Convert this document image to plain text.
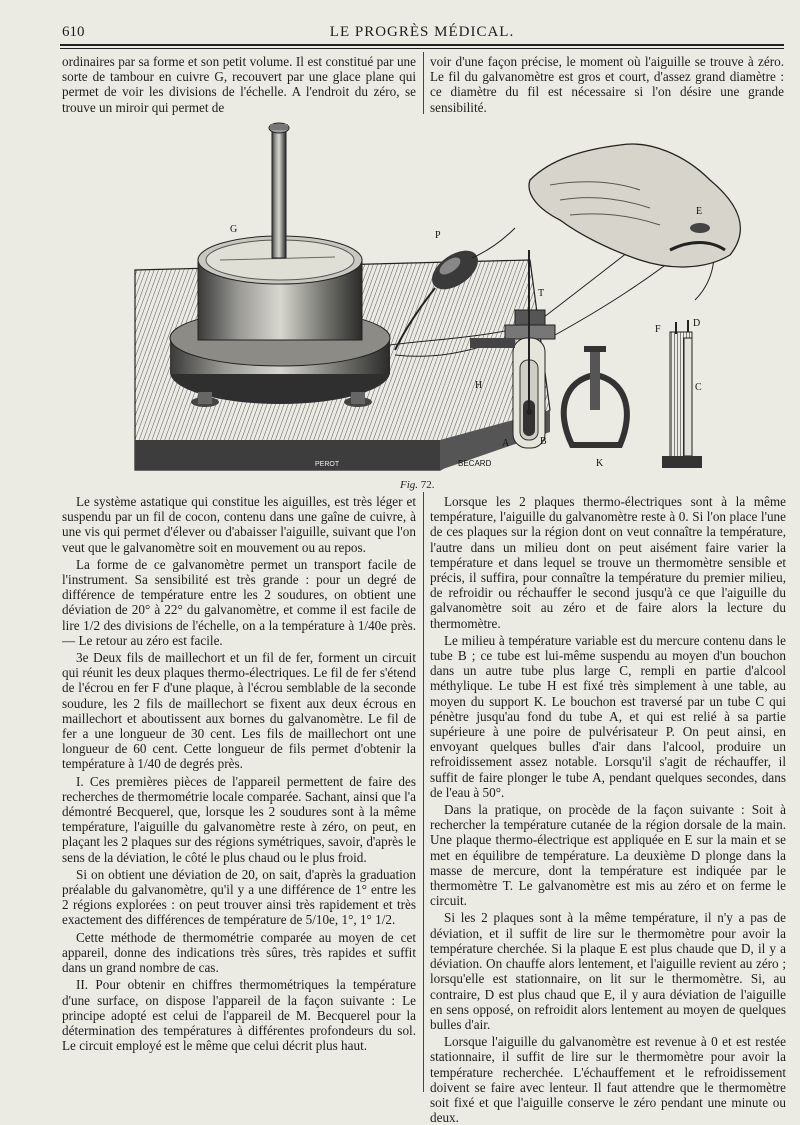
610	LE PROGRÈS MÉDICAL.

ordinaires par sa forme et son petit volume. Il est constitué par une sorte de tambour en cuivre G, recouvert par une glace plane qui permet de voir les divisions de l'échelle. A l'endroit du zéro, se trouve un miroir qui permet de

voir d'une façon précise, le moment où l'aiguille se trouve à zéro. Le fil du galvanomètre est gros et court, d'assez grand diamètre : ce diamètre du fil est nécessaire si l'on désire une grande sensibilité.

G
P
T
H
A	B
C
D
E
F
K
PEROT	BECARD
Fig. 72.

Le système astatique qui constitue les aiguilles, est très léger et suspendu par un fil de cocon, contenu dans une gaîne de cuivre, à une vis qui permet d'élever ou d'abaisser l'aiguille, suivant que l'on veut que le galvanomètre soit en mouvement ou au repos.

La forme de ce galvanomètre permet un transport facile de l'instrument. Sa sensibilité est très grande : pour un degré de différence de température entre les 2 soudures, on obtient une déviation de 20° à 22° du galvanomètre, et comme il est facile de lire 1/2 des divisions de l'échelle, on a la température à 1/40e près. — Le retour au zéro est facile.

3e Deux fils de maillechort et un fil de fer, forment un circuit qui réunit les deux plaques thermo-électriques. Le fil de fer s'étend de l'écrou en fer F d'une plaque, à l'écrou semblable de la seconde soudure, les 2 fils de maillechort se fixent aux deux écrous en maillechort et aboutissent aux bornes du galvanomètre. Le fil de fer a une longueur de 30 cent. Les fils de maillechort ont une longueur de 60 cent. Cette longueur de fils permet d'obtenir la température à 1/40 de degrés près.

I. Ces premières pièces de l'appareil permettent de faire des recherches de thermométrie locale comparée. Sachant, ainsi que l'a démontré Becquerel, que, lorsque les 2 soudures sont à la même température, l'aiguille du galvanomètre reste à zéro, on peut, en plaçant les 2 plaques sur des régions symétriques, savoir, d'après le sens de la déviation, le côté le plus chaud ou le plus froid.

Si on obtient une déviation de 20, on sait, d'après la graduation préalable du galvanomètre, qu'il y a une différence de 1° entre les 2 régions explorées : on peut trouver ainsi très rapidement et très exactement des différences de température de 5/10e, 1°, 1° 1/2.

Cette méthode de thermométrie comparée au moyen de cet appareil, donne des indications très sûres, très rapides et suffit dans un grand nombre de cas.

II. Pour obtenir en chiffres thermométriques la température d'une surface, on dispose l'appareil de la façon suivante : Le principe adopté est celui de l'appareil de M. Becquerel pour la détermination des températures à différentes profondeurs du sol. Le circuit employé est le même que celui décrit plus haut.

Lorsque les 2 plaques thermo-électriques sont à la même température, l'aiguille du galvanomètre reste à 0. Si l'on place l'une de ces plaques sur la région dont on veut connaître la température, l'autre dans un milieu dont on peut aisément faire varier la température et dans lequel se trouve un thermomètre sensible et précis, il suffira, pour connaître la température du premier milieu, de refroidir ou réchauffer le second jusqu'à ce que l'aiguille du galvanomètre soit au zéro et de faire alors la lecture du thermomètre.

Le milieu à température variable est du mercure contenu dans le tube B ; ce tube est lui-même suspendu au moyen d'un bouchon dans un autre tube plus large C, rempli en partie d'alcool méthylique. Le tube H est fixé très simplement à une table, au moyen du support K. Le bouchon est traversé par un tube C qui pénètre jusqu'au fond du tube A, et qui est relié à sa partie supérieure à une poire de pulvérisateur P. On peut ainsi, en envoyant quelques bulles d'air dans l'alcool, produire un refroidissement assez notable. Lorsqu'il s'agit de réchauffer, il suffit de faire plonger le tube A, pendant quelques secondes, dans de l'eau à 50°.

Dans la pratique, on procède de la façon suivante : Soit à rechercher la température cutanée de la région dorsale de la main. Une plaque thermo-électrique est appliquée en E sur la main et se met en équilibre de température. La deuxième D plonge dans la masse de mercure, dont la température est indiquée par le thermomètre T. Le galvanomètre est mis au zéro et on ferme le circuit.

Si les 2 plaques sont à la même température, il n'y a pas de déviation, et il suffit de lire sur le thermomètre pour avoir la température cherchée. Si la plaque E est plus chaude que D, il y a déviation. On chauffe alors lentement, et l'aiguille revient au zéro ; lorsqu'elle est stationnaire, on lit sur le thermomètre. Si, au contraire, D est plus chaud que E, il y aura déviation de l'aiguille en sens opposé, on refroidit alors lentement au moyen de quelques bulles d'air.

Lorsque l'aiguille du galvanomètre est revenue à 0 et est restée stationnaire, il suffit de lire sur le thermomètre pour avoir la température recherchée. L'échauffement et le refroidissement doivent se faire avec lenteur. Il faut attendre que le thermomètre soit fixé et que l'aiguille conserve le zéro pendant une minute ou deux.
